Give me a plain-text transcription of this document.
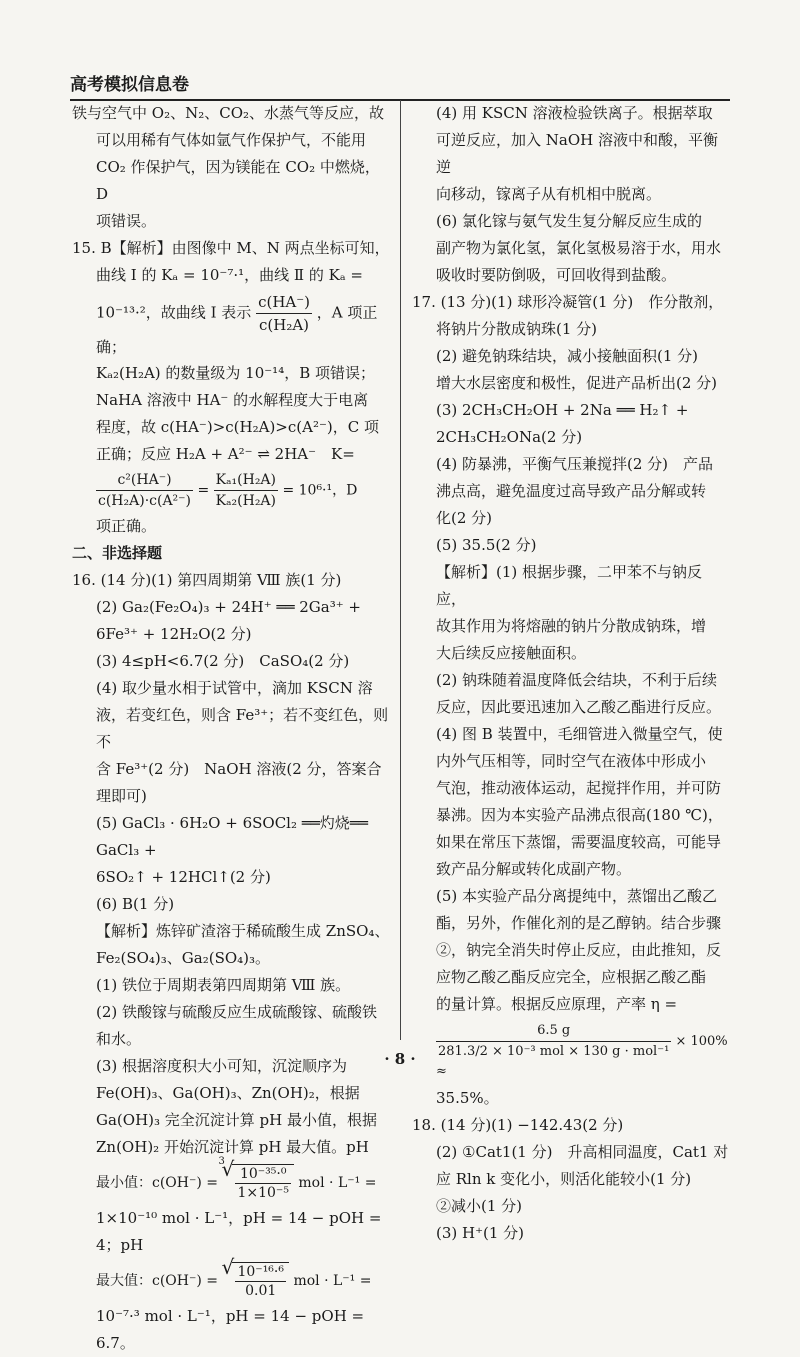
高考模拟信息卷
铁与空气中 O₂、N₂、CO₂、水蒸气等反应，故
可以用稀有气体如氩气作保护气，不能用
CO₂ 作保护气，因为镁能在 CO₂ 中燃烧，D
项错误。
15. B【解析】由图像中 M、N 两点坐标可知，
曲线 Ⅰ 的 Kₐ = 10⁻⁷·¹，曲线 Ⅱ 的 Kₐ =
10⁻¹³·²，故曲线 Ⅰ 表示 $\frac{c(HA^-)}{\text{c(H₂A)}}$ ，A 项正确；
Kₐ₂(H₂A) 的数量级为 10⁻¹⁴，B 项错误；
NaHA 溶液中 HA⁻ 的水解程度大于电离
程度，故 c(HA⁻)>c(H₂A)>c(A²⁻)，C 项
正确；反应 H₂A + A²⁻ ⇌ 2HA⁻　K=
$\frac{\text{c²(HA⁻)}}{\text{c(H₂A)·c(A²⁻)}} = \frac{\text{Kₐ₁(H₂A)}}{\text{Kₐ₂(H₂A)}} = 10^6\cdot^1$，D
项正确。
二、非选择题
16. (14 分)(1) 第四周期第 Ⅷ 族(1 分)
(2) Ga₂(Fe₂O₄)₃ + 24H⁺ ══ 2Ga³⁺ +
6Fe³⁺ + 12H₂O(2 分)
(3) 4≤pH<6.7(2 分)　CaSO₄(2 分)
(4) 取少量水相于试管中，滴加 KSCN 溶
液，若变红色，则含 Fe³⁺；若不变红色，则不
含 Fe³⁺(2 分)　NaOH 溶液(2 分，答案合
理即可)
(5) GaCl₃ · 6H₂O + 6SOCl₂ ══灼烧══ GaCl₃ +
6SO₂↑ + 12HCl↑(2 分)
(6) B(1 分)
【解析】炼锌矿渣溶于稀硫酸生成 ZnSO₄、
Fe₂(SO₄)₃、Ga₂(SO₄)₃。
(1) 铁位于周期表第四周期第 Ⅷ 族。
(2) 铁酸镓与硫酸反应生成硫酸镓、硫酸铁
和水。
(3) 根据溶度积大小可知，沉淀顺序为
Fe(OH)₃、Ga(OH)₃、Zn(OH)₂，根据
Ga(OH)₃ 完全沉淀计算 pH 最小值，根据
Zn(OH)₂ 开始沉淀计算 pH 最大值。pH
最小值：c(OH⁻) =
√ 3
$\frac{\text{10⁻³⁵·⁰}}{\text{1×10⁻⁵}}$ mol · L⁻¹ =
1×10⁻¹⁰ mol · L⁻¹，pH = 14 − pOH = 4；pH
最大值：c(OH⁻) =
√ $\frac{\text{10⁻¹⁶·⁶}}{0.01}$ mol · L⁻¹ =
10⁻⁷·³ mol · L⁻¹，pH = 14 − pOH = 6.7。
(4) 用 KSCN 溶液检验铁离子。根据萃取
可逆反应，加入 NaOH 溶液中和酸，平衡逆
向移动，镓离子从有机相中脱离。
(6) 氯化镓与氨气发生复分解反应生成的
副产物为氯化氢，氯化氢极易溶于水，用水
吸收时要防倒吸，可回收得到盐酸。
17. (13 分)(1) 球形冷凝管(1 分)　作分散剂，
将钠片分散成钠珠(1 分)
(2) 避免钠珠结块，减小接触面积(1 分)
增大水层密度和极性，促进产品析出(2 分)
(3) 2CH₃CH₂OH + 2Na ══ H₂↑ +
2CH₃CH₂ONa(2 分)
(4) 防暴沸，平衡气压兼搅拌(2 分)　产品
沸点高，避免温度过高导致产品分解或转
化(2 分)
(5) 35.5(2 分)
【解析】(1) 根据步骤，二甲苯不与钠反应，
故其作用为将熔融的钠片分散成钠珠，增
大后续反应接触面积。
(2) 钠珠随着温度降低会结块，不利于后续
反应，因此要迅速加入乙酸乙酯进行反应。
(4) 图 B 装置中，毛细管进入微量空气，使
内外气压相等，同时空气在液体中形成小
气泡，推动液体运动，起搅拌作用，并可防
暴沸。因为本实验产品沸点很高(180 ℃)，
如果在常压下蒸馏，需要温度较高，可能导
致产品分解或转化成副产物。
(5) 本实验产品分离提纯中，蒸馏出乙酸乙
酯，另外，作催化剂的是乙醇钠。结合步骤
②，钠完全消失时停止反应，由此推知，反
应物乙酸乙酯反应完全，应根据乙酸乙酯
的量计算。根据反应原理，产率 η =
$\frac{6.5 g}{\text{281.3/2 × 10⁻³ mol × 130 g · mol⁻¹}} \times 100\%$ ≈
35.5%。
18. (14 分)(1) −142.43(2 分)
(2) ①Cat1(1 分)　升高相同温度，Cat1 对
应 Rln k 变化小，则活化能较小(1 分)
②减小(1 分)
(3) H⁺(1 分)
· 8 ·
